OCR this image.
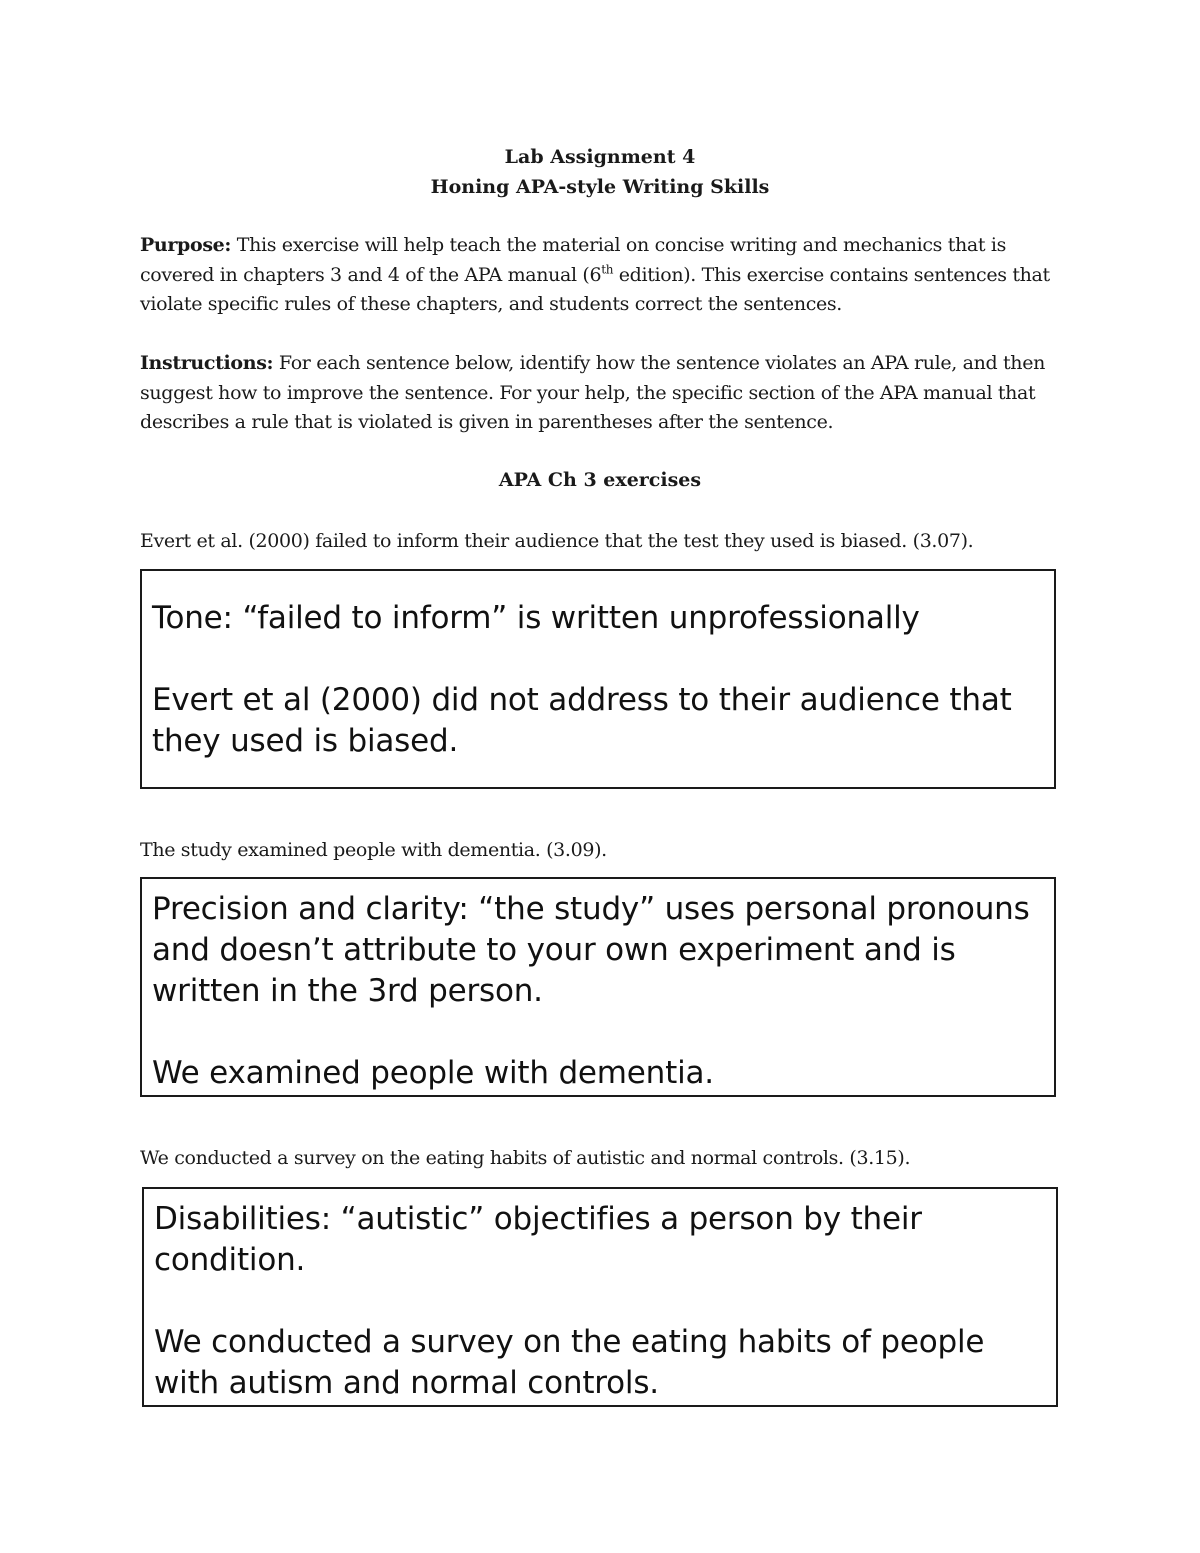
Lab Assignment 4
Honing APA-style Writing Skills
Purpose: This exercise will help teach the material on concise writing and mechanics that is covered in chapters 3 and 4 of the APA manual (6th edition). This exercise contains sentences that violate specific rules of these chapters, and students correct the sentences.
Instructions: For each sentence below, identify how the sentence violates an APA rule, and then suggest how to improve the sentence. For your help, the specific section of the APA manual that describes a rule that is violated is given in parentheses after the sentence.
APA Ch 3 exercises
Evert et al. (2000) failed to inform their audience that the test they used is biased. (3.07).
Tone: “failed to inform” is written unprofessionally
Evert et al (2000) did not address to their audience that they used is biased.
The study examined people with dementia. (3.09).
Precision and clarity: “the study” uses personal pronouns and doesn’t attribute to your own experiment and is written in the 3rd person.
We examined people with dementia.
We conducted a survey on the eating habits of autistic and normal controls. (3.15).
Disabilities: “autistic” objectifies a person by their condition.
We conducted a survey on the eating habits of people with autism and normal controls.
